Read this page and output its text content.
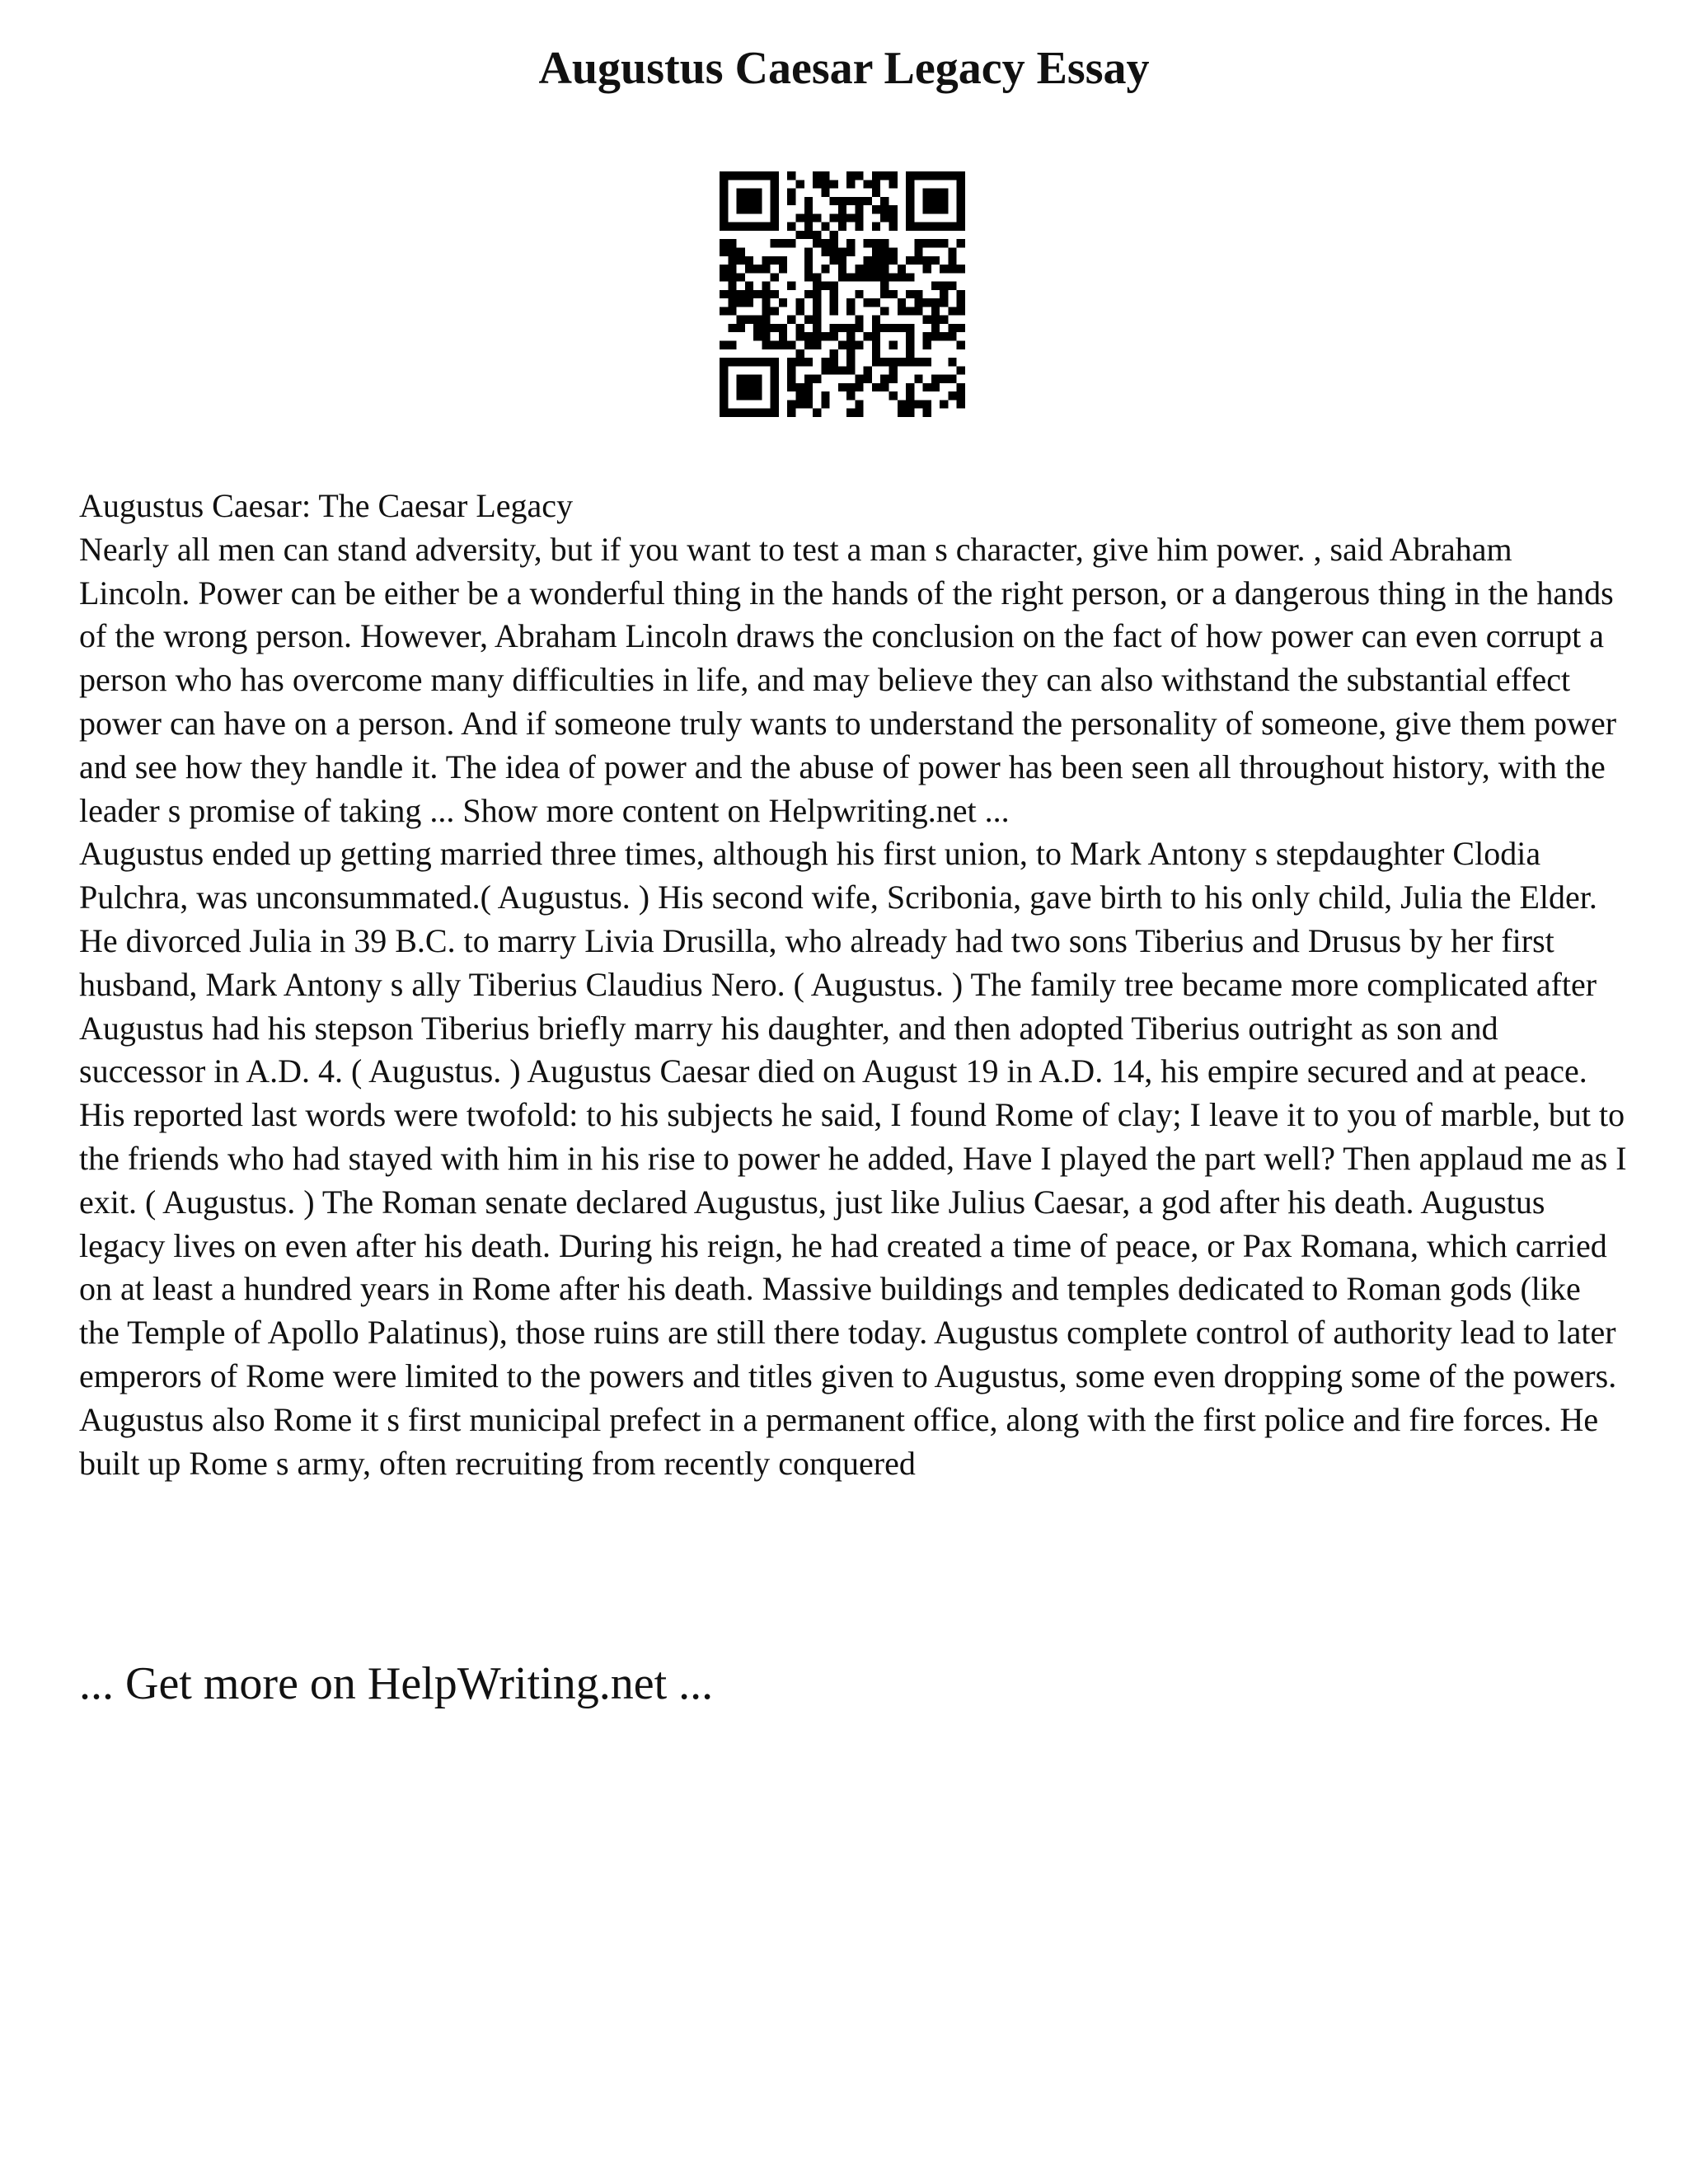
Augustus Caesar Legacy Essay

Augustus Caesar: The Caesar Legacy

Nearly all men can stand adversity, but if you want to test a man s character, give him power. , said Abraham Lincoln. Power can be either be a wonderful thing in the hands of the right person, or a dangerous thing in the hands of the wrong person. However, Abraham Lincoln draws the conclusion on the fact of how power can even corrupt a person who has overcome many difficulties in life, and may believe they can also withstand the substantial effect power can have on a person. And if someone truly wants to understand the personality of someone, give them power and see how they handle it. The idea of power and the abuse of power has been seen all throughout history, with the leader s promise of taking ... Show more content on Helpwriting.net ...

Augustus ended up getting married three times, although his first union, to Mark Antony s stepdaughter Clodia Pulchra, was unconsummated.( Augustus. ) His second wife, Scribonia, gave birth to his only child, Julia the Elder. He divorced Julia in 39 B.C. to marry Livia Drusilla, who already had two sons Tiberius and Drusus by her first husband, Mark Antony s ally Tiberius Claudius Nero. ( Augustus. ) The family tree became more complicated after Augustus had his stepson Tiberius briefly marry his daughter, and then adopted Tiberius outright as son and successor in A.D. 4. ( Augustus. ) Augustus Caesar died on August 19 in A.D. 14, his empire secured and at peace. His reported last words were twofold: to his subjects he said, I found Rome of clay; I leave it to you of marble, but to the friends who had stayed with him in his rise to power he added, Have I played the part well? Then applaud me as I exit. ( Augustus. ) The Roman senate declared Augustus, just like Julius Caesar, a god after his death. Augustus legacy lives on even after his death. During his reign, he had created a time of peace, or Pax Romana, which carried on at least a hundred years in Rome after his death. Massive buildings and temples dedicated to Roman gods (like the Temple of Apollo Palatinus), those ruins are still there today. Augustus complete control of authority lead to later emperors of Rome were limited to the powers and titles given to Augustus, some even dropping some of the powers. Augustus also Rome it s first municipal prefect in a permanent office, along with the first police and fire forces. He built up Rome s army, often recruiting from recently conquered

... Get more on HelpWriting.net ...
